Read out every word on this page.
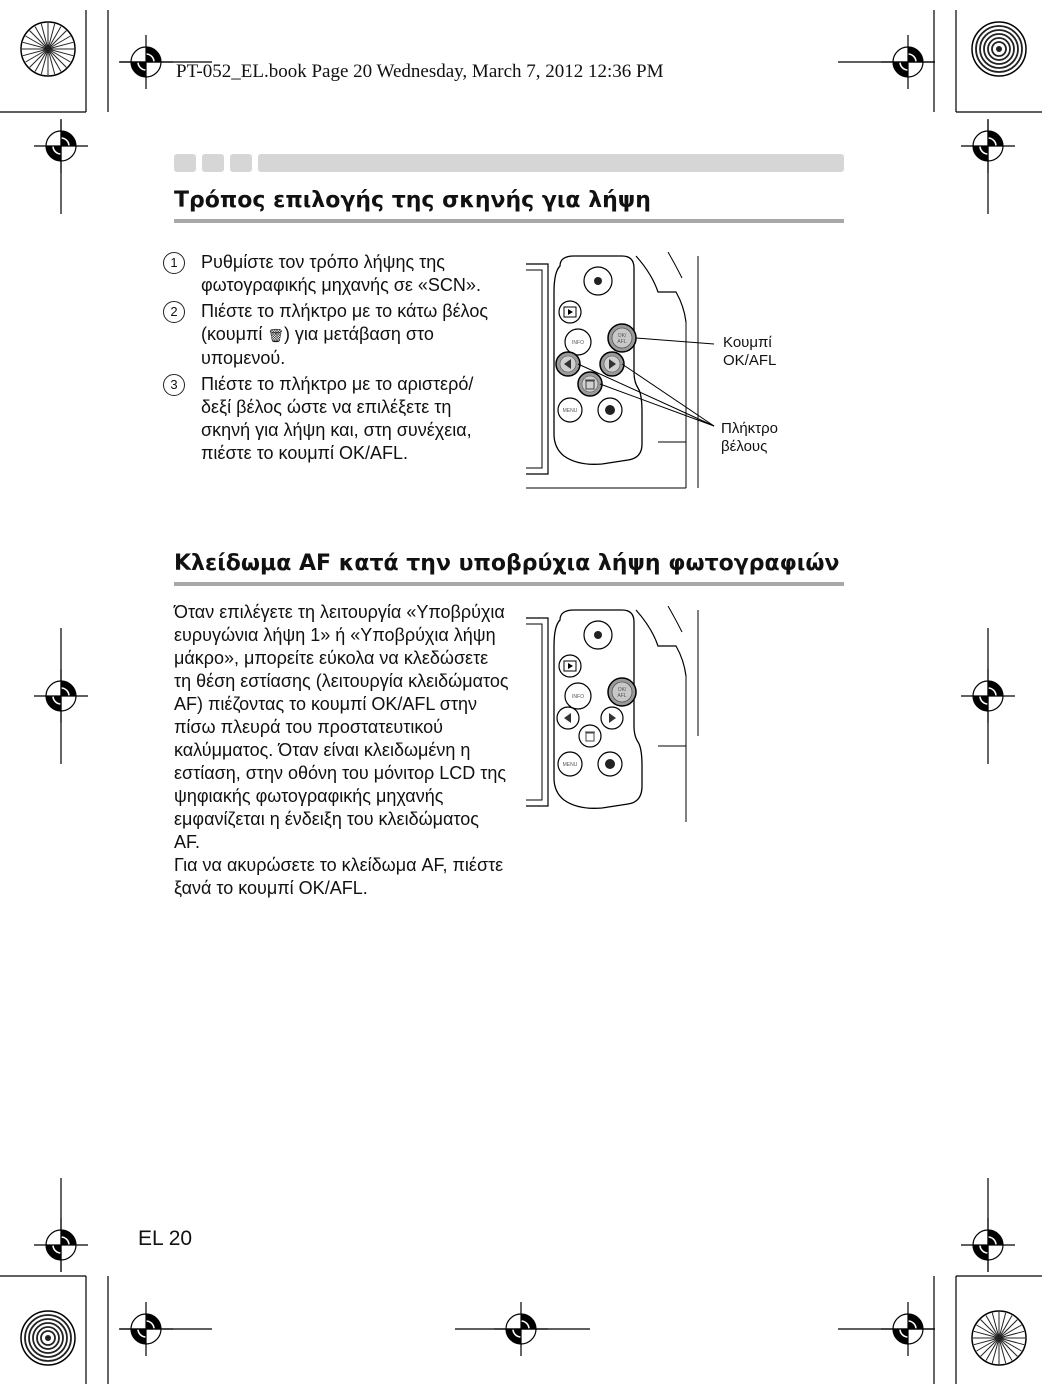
PT-052_EL.book Page 20 Wednesday, March 7, 2012 12:36 PM
Τρόπος επιλογής της σκηνής για λήψη
1	Ρυθμίστε τον τρόπο λήψης της φωτογραφικής μηχανής σε «SCN».
2	Πιέστε το πλήκτρο με το κάτω βέλος (κουμπί 🗑) για μετάβαση στο υπομενού.
3	Πιέστε το πλήκτρο με το αριστερό/δεξί βέλος ώστε να επιλέξετε τη σκηνή για λήψη και, στη συνέχεια, πιέστε το κουμπί OK/AFL.
INFO
OK/
AFL
MENU
Κουμπί
OK/AFL
Πλήκτρο
βέλους
Κλείδωμα AF κατά την υποβρύχια λήψη φωτογραφιών

Όταν επιλέγετε τη λειτουργία «Υποβρύχια ευρυγώνια λήψη 1» ή «Υποβρύχια λήψη μάκρο», μπορείτε εύκολα να κλεδώσετε τη θέση εστίασης (λειτουργία κλειδώματος AF) πιέζοντας το κουμπί OK/AFL στην πίσω πλευρά του προστατευτικού καλύμματος. Όταν είναι κλειδωμένη η εστίαση, στην οθόνη του μόνιτορ LCD της ψηφιακής φωτογραφικής μηχανής εμφανίζεται η ένδειξη του κλειδώματος AF.

Για να ακυρώσετε το κλείδωμα AF, πιέστε ξανά το κουμπί OK/AFL.

INFO
OK/
AFL
MENU
EL 20
